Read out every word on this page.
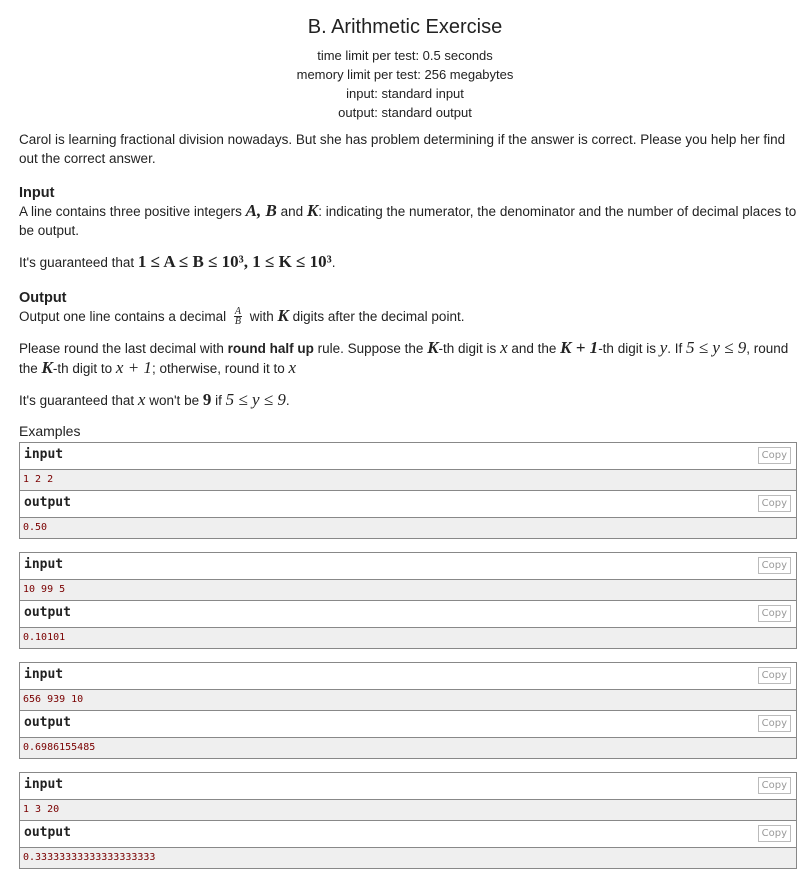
B. Arithmetic Exercise
time limit per test: 0.5 seconds
memory limit per test: 256 megabytes
input: standard input
output: standard output

Carol is learning fractional division nowadays. But she has problem determining if the answer is correct. Please you help her find out the correct answer.

Input

A line contains three positive integers A, B and K: indicating the numerator, the denominator and the number of decimal places to be output.

It's guaranteed that 1 ≤ A ≤ B ≤ 10³, 1 ≤ K ≤ 10³.

Output

Output one line contains a decimal $\frac{A}{B}$ with K digits after the decimal point.

Please round the last decimal with round half up rule. Suppose the K-th digit is x and the K + 1-th digit is y. If 5 ≤ y ≤ 9, round the K-th digit to x + 1; otherwise, round it to x

It's guaranteed that x won't be 9 if 5 ≤ y ≤ 9.

Examples
input	Copy
1 2 2
output	Copy
0.50
input	Copy
10 99 5
output	Copy
0.10101
input	Copy
656 939 10
output	Copy
0.6986155485
input	Copy
1 3 20
output	Copy
0.33333333333333333333
